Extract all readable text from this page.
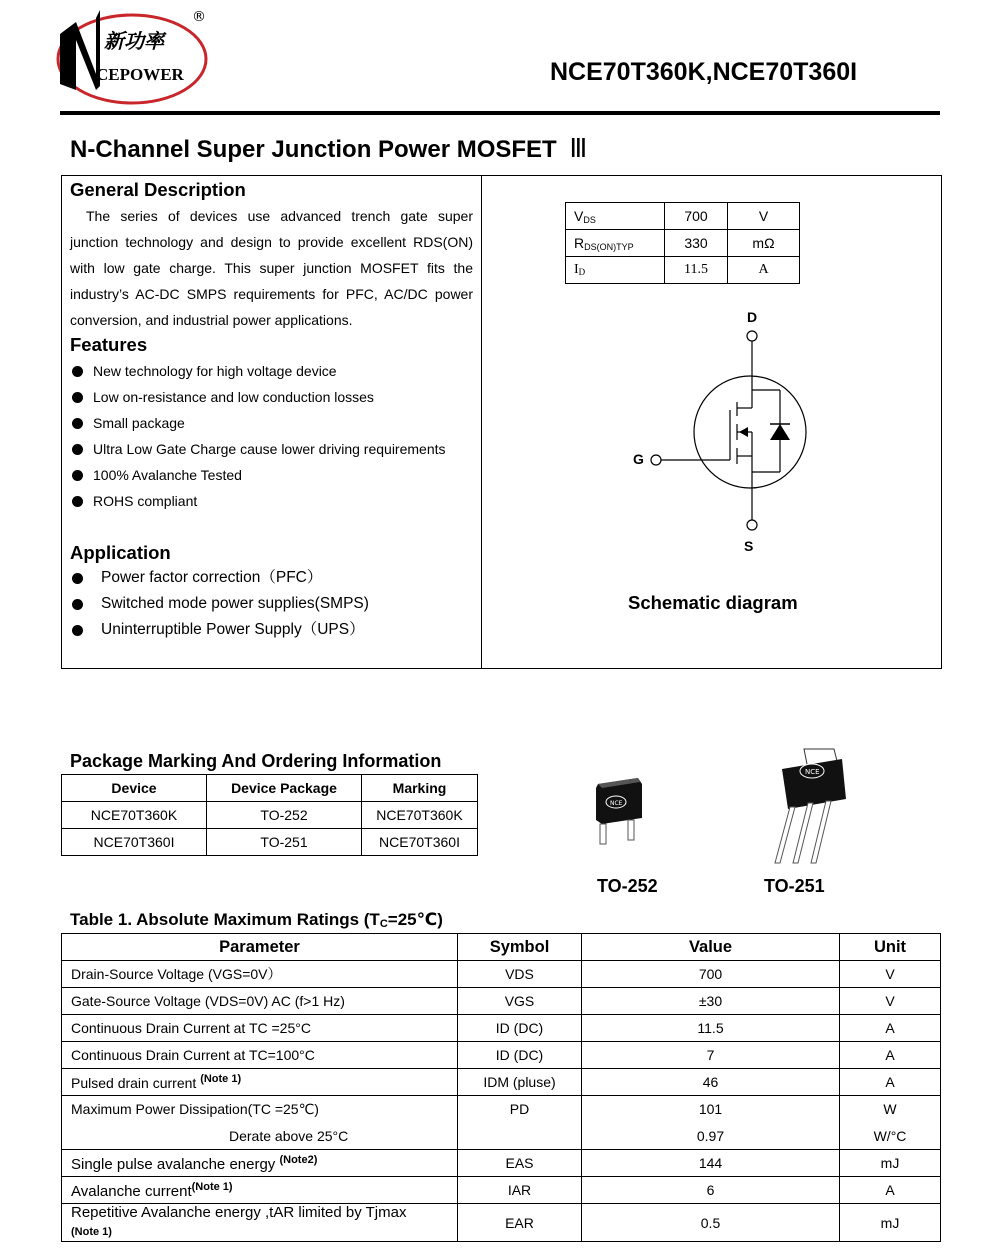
新功率
CEPOWER
®
NCE70T360K,NCE70T360I
N-Channel Super Junction Power MOSFET Ⅲ
General Description
The series of devices use advanced trench gate super junction technology and design to provide excellent RDS(ON) with low gate charge. This super junction MOSFET fits the industry’s AC-DC SMPS requirements for PFC, AC/DC power conversion, and industrial power applications.
Features
New technology for high voltage device
Low on-resistance and low conduction losses
Small package
Ultra Low Gate Charge cause lower driving requirements
100% Avalanche Tested
ROHS compliant
Application
Power factor correction（PFC）
Switched mode power supplies(SMPS)
Uninterruptible Power Supply（UPS）
$V_{DS}$	700	V
$R_{DS(ON)TYP}$	330	mΩ
$I_D$	11.5	A
D
G
S
Schematic diagram
Package Marking And Ordering Information
Device	Device Package	Marking
NCE70T360K	TO-252	NCE70T360K
NCE70T360I	TO-251	NCE70T360I
NCE
NCE
TO-252	TO-251
Table 1. Absolute Maximum Ratings (TC=25℃)
Parameter	Symbol	Value	Unit
Drain-Source Voltage (VGS=0V）	VDS	700	V
Gate-Source Voltage (VDS=0V) AC (f>1 Hz)	VGS	±30	V
Continuous Drain Current at TC =25°C	ID (DC)	11.5	A
Continuous Drain Current at TC=100°C	ID (DC)	7	A
Pulsed drain current $^{(Note 1)}$	IDM (pluse)	46	A
Maximum Power Dissipation(TC =25℃)	PD	101	W
Derate above 25°C		0.97	W/°C
Single pulse avalanche energy $^{(Note2)}$	EAS	144	mJ
Avalanche current$^{(Note 1)}$	IAR	6	A
Repetitive Avalanche energy ,tAR limited by Tjmax
(Note 1)	EAR	0.5	mJ
